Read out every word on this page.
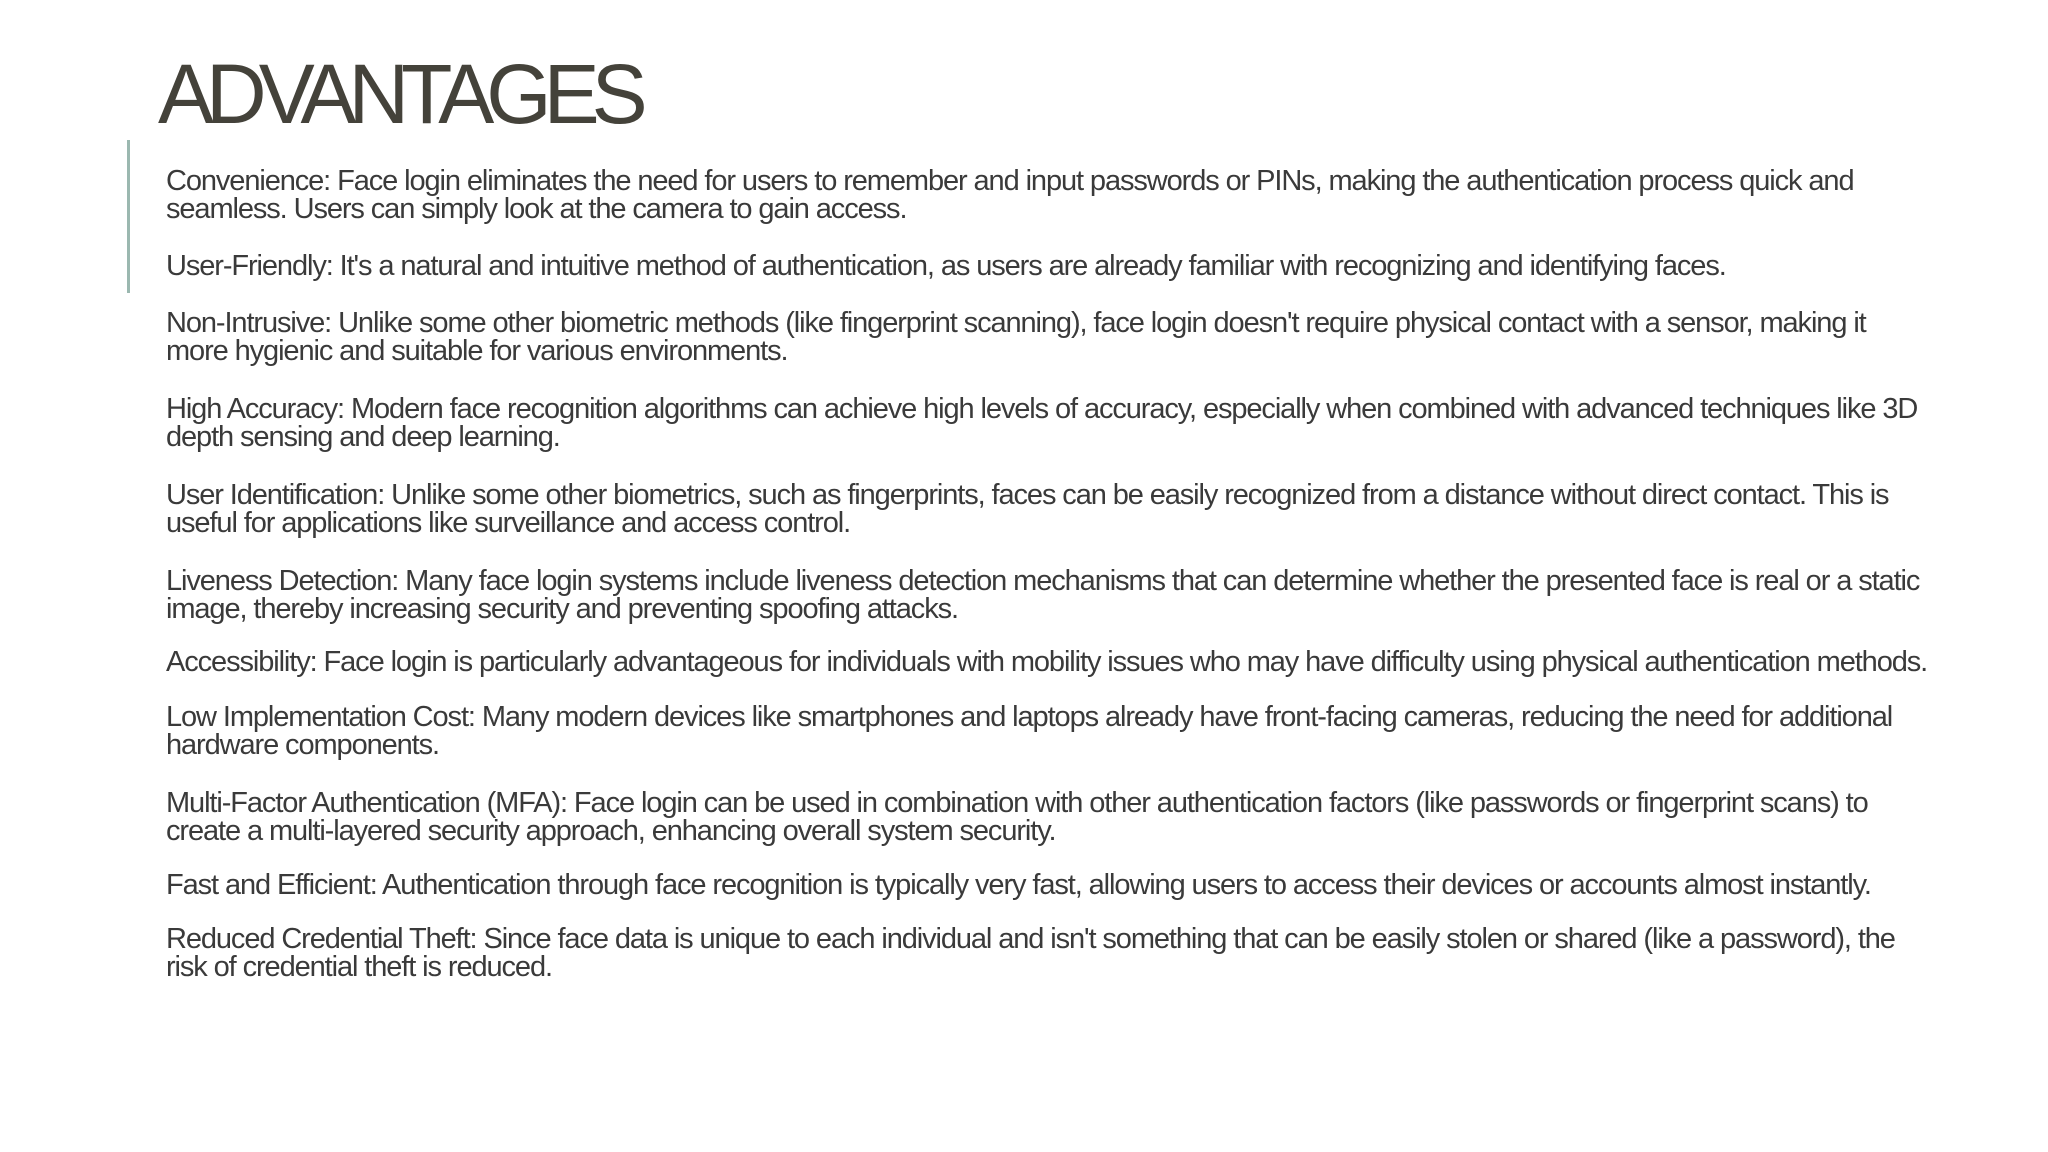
ADVANTAGES
Convenience: Face login eliminates the need for users to remember and input passwords or PINs, making the authentication process quick and seamless. Users can simply look at the camera to gain access.
User-Friendly: It's a natural and intuitive method of authentication, as users are already familiar with recognizing and identifying faces.
Non-Intrusive: Unlike some other biometric methods (like fingerprint scanning), face login doesn't require physical contact with a sensor, making it more hygienic and suitable for various environments.
High Accuracy: Modern face recognition algorithms can achieve high levels of accuracy, especially when combined with advanced techniques like 3D depth sensing and deep learning.
User Identification: Unlike some other biometrics, such as fingerprints, faces can be easily recognized from a distance without direct contact. This is useful for applications like surveillance and access control.
Liveness Detection: Many face login systems include liveness detection mechanisms that can determine whether the presented face is real or a static image, thereby increasing security and preventing spoofing attacks.
Accessibility: Face login is particularly advantageous for individuals with mobility issues who may have difficulty using physical authentication methods.
Low Implementation Cost: Many modern devices like smartphones and laptops already have front-facing cameras, reducing the need for additional hardware components.
Multi-Factor Authentication (MFA): Face login can be used in combination with other authentication factors (like passwords or fingerprint scans) to create a multi-layered security approach, enhancing overall system security.
Fast and Efficient: Authentication through face recognition is typically very fast, allowing users to access their devices or accounts almost instantly.
Reduced Credential Theft: Since face data is unique to each individual and isn't something that can be easily stolen or shared (like a password), the risk of credential theft is reduced.
